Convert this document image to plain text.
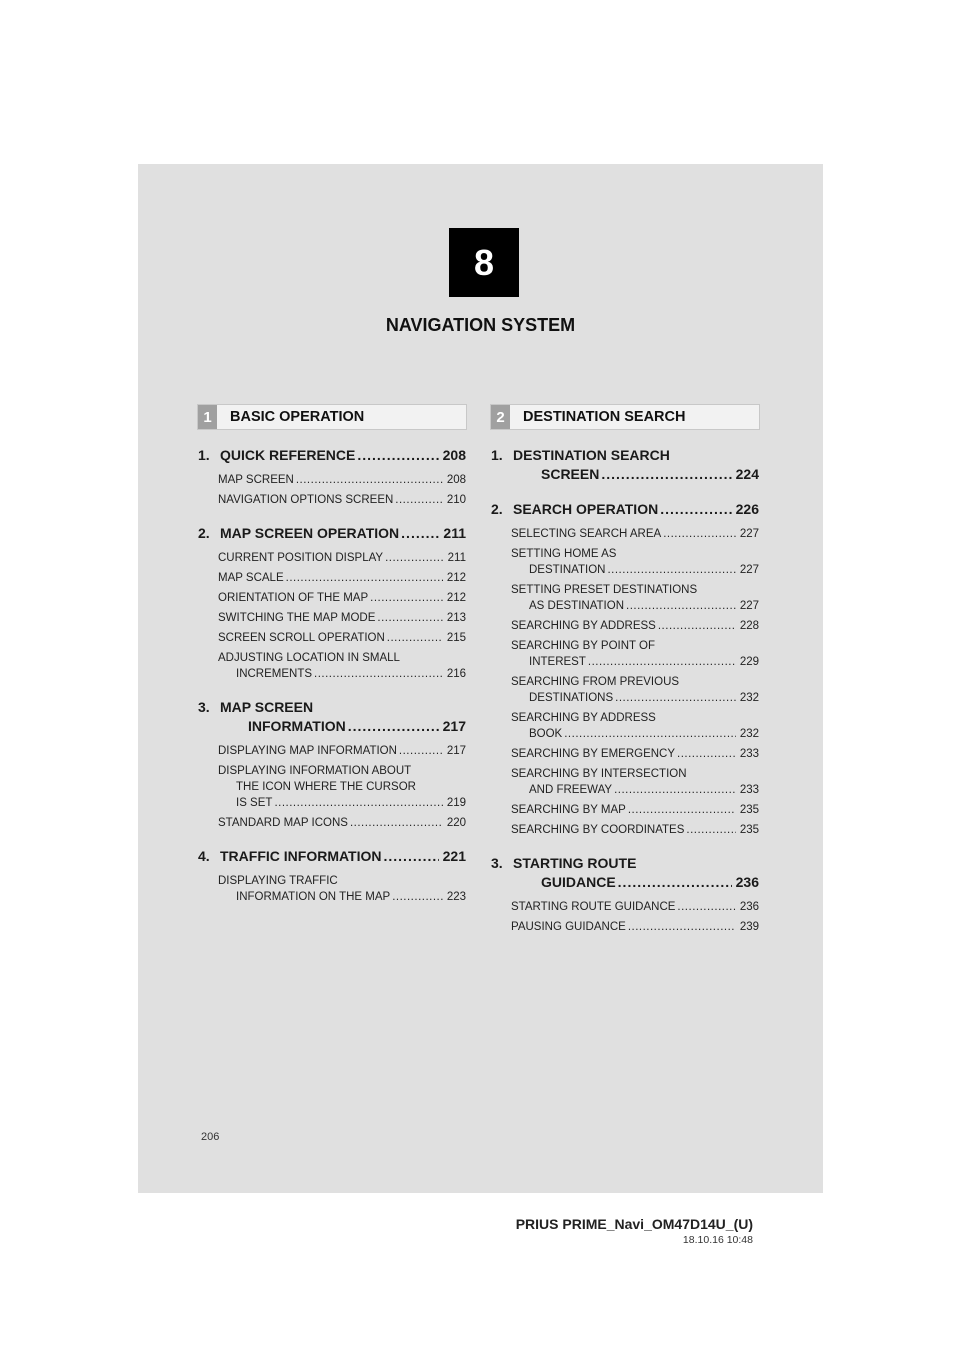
8
NAVIGATION SYSTEM
1	BASIC OPERATION	2	DESTINATION SEARCH
1. QUICK REFERENCE .....	208
MAP SCREEN .....	208
NAVIGATION OPTIONS SCREEN .....	210
2. MAP SCREEN OPERATION .....	211
CURRENT POSITION DISPLAY .....	211
MAP SCALE .....	212
ORIENTATION OF THE MAP .....	212
SWITCHING THE MAP MODE .....	213
SCREEN SCROLL OPERATION .....	215
ADJUSTING LOCATION IN SMALL
INCREMENTS .....	216
3. MAP SCREEN
INFORMATION .....	217
DISPLAYING MAP INFORMATION .....	217
DISPLAYING INFORMATION ABOUT
THE ICON WHERE THE CURSOR
IS SET .....	219
STANDARD MAP ICONS .....	220
4. TRAFFIC INFORMATION .....	221
DISPLAYING TRAFFIC
INFORMATION ON THE MAP .....	223
1. DESTINATION SEARCH
SCREEN .....	224
2. SEARCH OPERATION .....	226
SELECTING SEARCH AREA .....	227
SETTING HOME AS
DESTINATION .....	227
SETTING PRESET DESTINATIONS
AS DESTINATION .....	227
SEARCHING BY ADDRESS .....	228
SEARCHING BY POINT OF
INTEREST .....	229
SEARCHING FROM PREVIOUS
DESTINATIONS .....	232
SEARCHING BY ADDRESS
BOOK .....	232
SEARCHING BY EMERGENCY .....	233
SEARCHING BY INTERSECTION
AND FREEWAY .....	233
SEARCHING BY MAP .....	235
SEARCHING BY COORDINATES .....	235
3. STARTING ROUTE
GUIDANCE .....	236
STARTING ROUTE GUIDANCE .....	236
PAUSING GUIDANCE .....	239
206
PRIUS PRIME_Navi_OM47D14U_(U)
18.10.16 10:48
